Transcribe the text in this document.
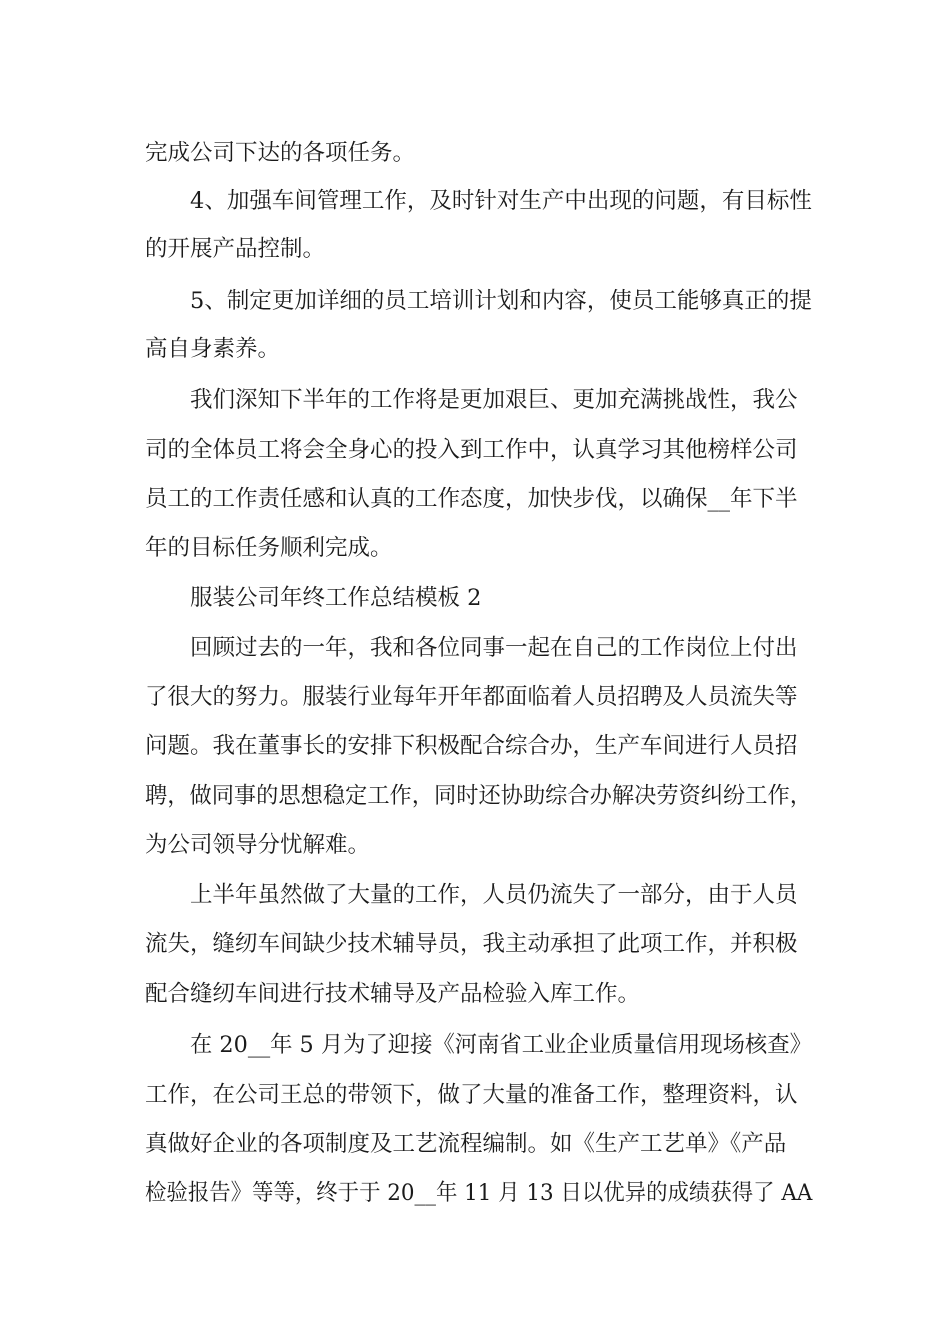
完成公司下达的各项任务。
4、加强车间管理工作，及时针对生产中出现的问题，有目标性
的开展产品控制。
5、制定更加详细的员工培训计划和内容，使员工能够真正的提
高自身素养。
我们深知下半年的工作将是更加艰巨、更加充满挑战性，我公
司的全体员工将会全身心的投入到工作中，认真学习其他榜样公司
员工的工作责任感和认真的工作态度，加快步伐，以确保__年下半
年的目标任务顺利完成。
服装公司年终工作总结模板 2
回顾过去的一年，我和各位同事一起在自己的工作岗位上付出
了很大的努力。服装行业每年开年都面临着人员招聘及人员流失等
问题。我在董事长的安排下积极配合综合办，生产车间进行人员招
聘，做同事的思想稳定工作，同时还协助综合办解决劳资纠纷工作，
为公司领导分忧解难。
上半年虽然做了大量的工作，人员仍流失了一部分，由于人员
流失，缝纫车间缺少技术辅导员，我主动承担了此项工作，并积极
配合缝纫车间进行技术辅导及产品检验入库工作。
在 20__年 5 月为了迎接《河南省工业企业质量信用现场核查》
工作，在公司王总的带领下，做了大量的准备工作，整理资料，认
真做好企业的各项制度及工艺流程编制。如《生产工艺单》《产品
检验报告》等等，终于于 20__年 11 月 13 日以优异的成绩获得了 AA
